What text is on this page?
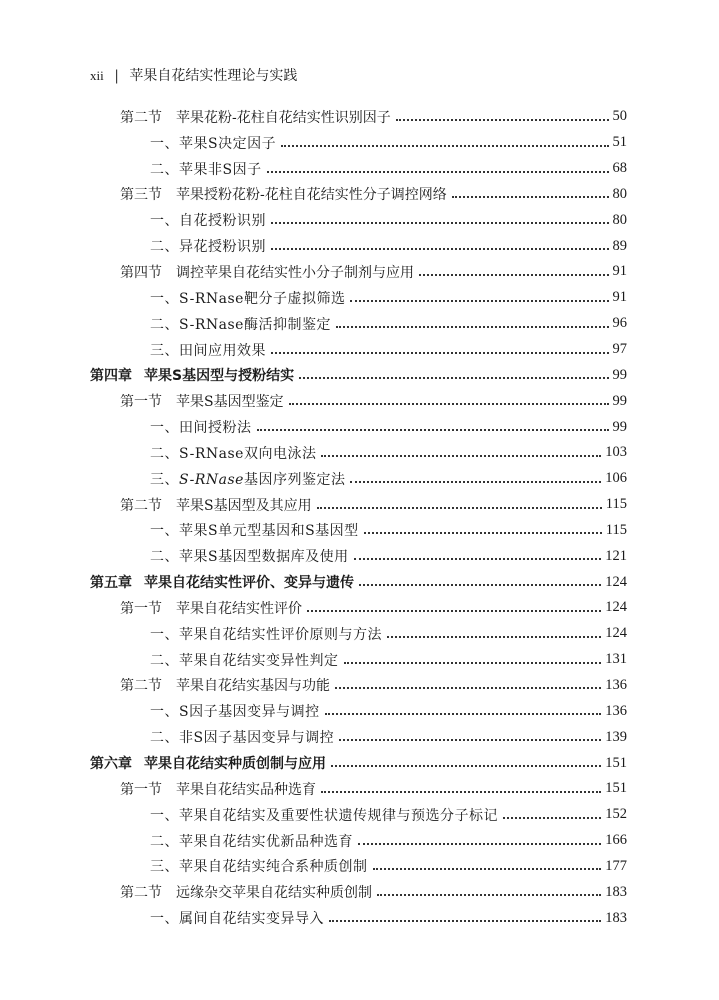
xii | 苹果自花结实性理论与实践
第二节 苹果花粉-花柱自花结实性识别因子	50
一、苹果S决定因子	51
二、苹果非S因子	68
第三节 苹果授粉花粉-花柱自花结实性分子调控网络	80
一、自花授粉识别	80
二、异花授粉识别	89
第四节 调控苹果自花结实性小分子制剂与应用	91
一、S-RNase靶分子虚拟筛选	91
二、S-RNase酶活抑制鉴定	96
三、田间应用效果	97
第四章 苹果S基因型与授粉结实	99
第一节 苹果S基因型鉴定	99
一、田间授粉法	99
二、S-RNase双向电泳法	103
三、S-RNase基因序列鉴定法	106
第二节 苹果S基因型及其应用	115
一、苹果S单元型基因和S基因型	115
二、苹果S基因型数据库及使用	121
第五章 苹果自花结实性评价、变异与遗传	124
第一节 苹果自花结实性评价	124
一、苹果自花结实性评价原则与方法	124
二、苹果自花结实变异性判定	131
第二节 苹果自花结实基因与功能	136
一、S因子基因变异与调控	136
二、非S因子基因变异与调控	139
第六章 苹果自花结实种质创制与应用	151
第一节 苹果自花结实品种选育	151
一、苹果自花结实及重要性状遗传规律与预选分子标记	152
二、苹果自花结实优新品种选育	166
三、苹果自花结实纯合系种质创制	177
第二节 远缘杂交苹果自花结实种质创制	183
一、属间自花结实变异导入	183
